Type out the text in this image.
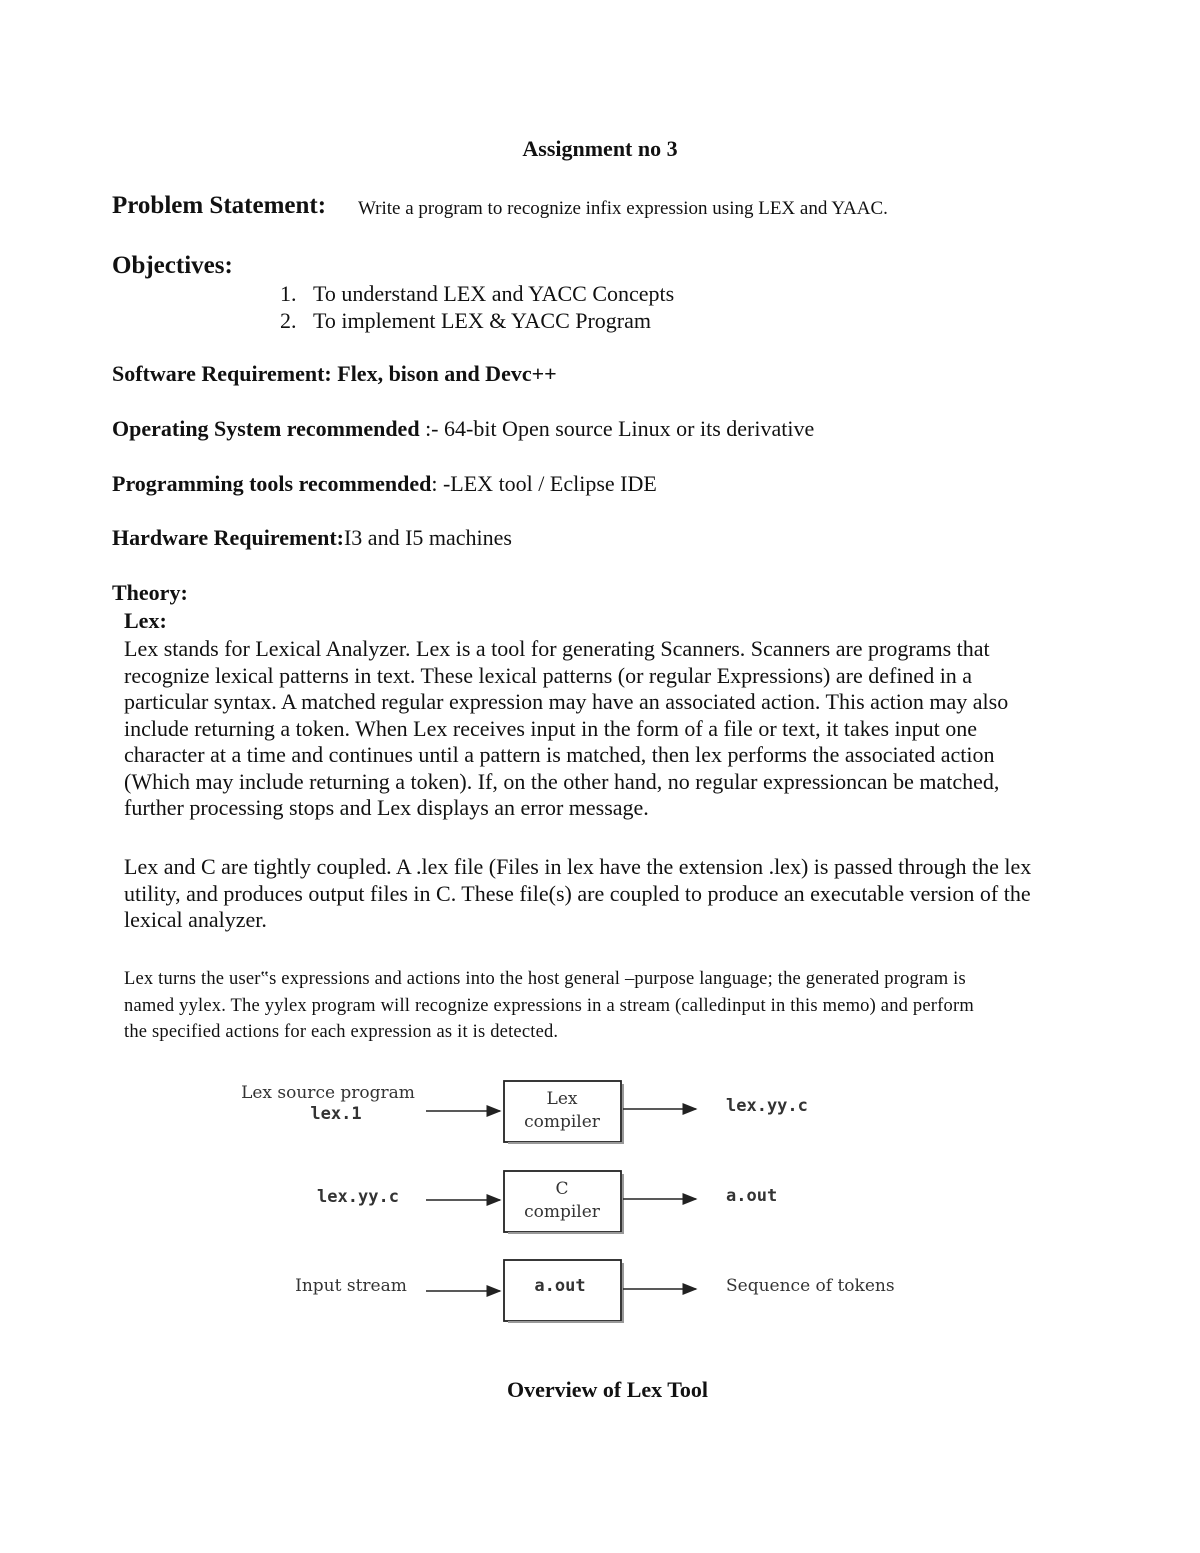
Assignment no 3
Problem Statement: Write a program to recognize infix expression using LEX and YAAC.
Objectives:
1. To understand LEX and YACC Concepts
2. To implement LEX & YACC Program
Software Requirement: Flex, bison and Devc++
Operating System recommended :- 64-bit Open source Linux or its derivative
Programming tools recommended: -LEX tool / Eclipse IDE
Hardware Requirement:I3 and I5 machines
Theory:
Lex:
Lex stands for Lexical Analyzer. Lex is a tool for generating Scanners. Scanners are programs that
recognize lexical patterns in text. These lexical patterns (or regular Expressions) are defined in a
particular syntax. A matched regular expression may have an associated action. This action may also
include returning a token. When Lex receives input in the form of a file or text, it takes input one
character at a time and continues until a pattern is matched, then lex performs the associated action
(Which may include returning a token). If, on the other hand, no regular expressioncan be matched,
further processing stops and Lex displays an error message.
Lex and C are tightly coupled. A .lex file (Files in lex have the extension .lex) is passed through the lex
utility, and produces output files in C. These file(s) are coupled to produce an executable version of the
lexical analyzer.
Lex turns the user‟s expressions and actions into the host general –purpose language; the generated program is
named yylex. The yylex program will recognize expressions in a stream (calledinput in this memo) and perform
the specified actions for each expression as it is detected.
Lex source program
lex.1
Lex
compiler
lex.yy.c
lex.yy.c	C
compiler
a.out
Input stream	a.out	Sequence of tokens
Overview of Lex Tool
